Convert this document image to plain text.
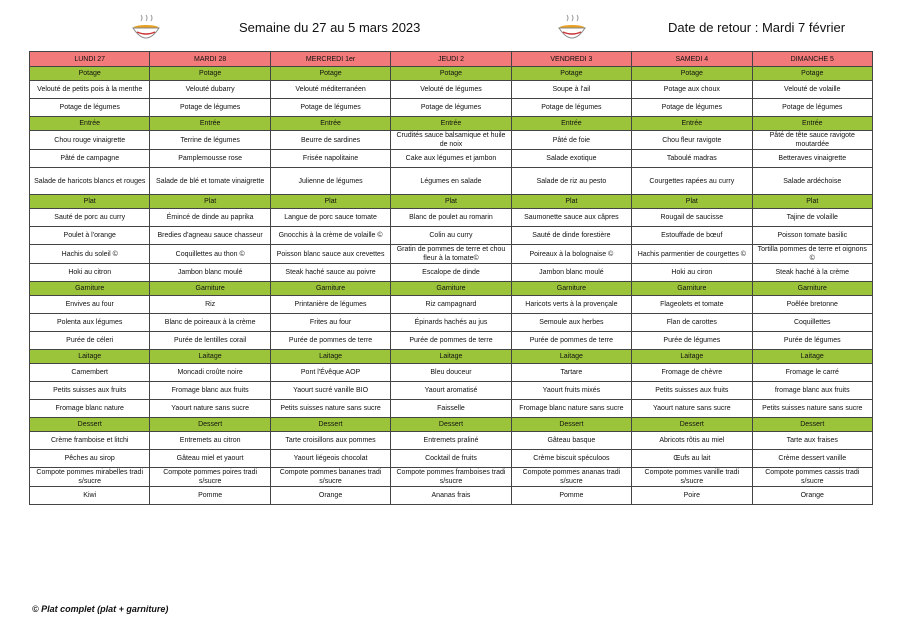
Semaine du 27 au 5 mars 2023	Date de retour : Mardi 7 février
LUNDI 27	MARDI 28	MERCREDI 1er	JEUDI 2	VENDREDI 3	SAMEDI 4	DIMANCHE 5
Potage	Potage	Potage	Potage	Potage	Potage	Potage
Velouté de petits pois à la menthe	Velouté dubarry	Velouté méditerranéen	Velouté de légumes	Soupe à l'ail	Potage aux choux	Velouté de volaille
Potage de légumes	Potage de légumes	Potage de légumes	Potage de légumes	Potage de légumes	Potage de légumes	Potage de légumes
Entrée	Entrée	Entrée	Entrée	Entrée	Entrée	Entrée
Chou rouge vinaigrette	Terrine de légumes	Beurre de sardines	Crudités sauce balsamique et huile de noix	Pâté de foie	Chou fleur ravigote	Pâté de tête sauce ravigote moutardée
Pâté de campagne	Pamplemousse rose	Frisée napolitaine	Cake aux légumes et jambon	Salade exotique	Taboulé madras	Betteraves vinaigrette
Salade de haricots blancs et rouges	Salade de blé et tomate vinaigrette	Julienne de légumes	Légumes en salade	Salade de riz au pesto	Courgettes rapées au curry	Salade ardéchoise
Plat	Plat	Plat	Plat	Plat	Plat	Plat
Sauté de porc au curry	Émincé de dinde au paprika	Langue de porc sauce tomate	Blanc de poulet au romarin	Saumonette sauce aux câpres	Rougail de saucisse	Tajine de volaille
Poulet à l'orange	Bredies d'agneau sauce chasseur	Gnocchis à la crème de volaille ©	Colin au curry	Sauté de dinde forestière	Estouffade de bœuf	Poisson tomate basilic
Hachis du soleil ©	Coquillettes au thon ©	Poisson blanc sauce aux crevettes	Gratin de pommes de terre et chou fleur à la tomate©	Poireaux à la bolognaise ©	Hachis parmentier de courgettes ©	Tortilla pommes de terre et oignons ©
Hoki au citron	Jambon blanc moulé	Steak haché sauce au poivre	Escalope de dinde	Jambon blanc moulé	Hoki au ciron	Steak haché à la crème
Garniture	Garniture	Garniture	Garniture	Garniture	Garniture	Garniture
Envives au four	Riz	Printanière de légumes	Riz campagnard	Haricots verts à la provençale	Flageolets et tomate	Poêlée bretonne
Polenta aux légumes	Blanc de poireaux à la crème	Frites au four	Épinards hachés au jus	Semoule aux herbes	Flan de carottes	Coquillettes
Purée de céleri	Purée de lentilles corail	Purée de pommes de terre	Purée de pommes de terre	Purée de pommes de terre	Purée de légumes	Purée de légumes
Laitage	Laitage	Laitage	Laitage	Laitage	Laitage	Laitage
Camembert	Moncadi croûte noire	Pont l'Évêque AOP	Bleu douceur	Tartare	Fromage de chèvre	Fromage le carré
Petits suisses aux fruits	Fromage blanc aux fruits	Yaourt sucré vanille BIO	Yaourt aromatisé	Yaourt fruits mixés	Petits suisses aux fruits	fromage blanc aux fruits
Fromage blanc nature	Yaourt nature sans sucre	Petits suisses nature sans sucre	Faisselle	Fromage blanc nature sans sucre	Yaourt nature sans sucre	Petits suisses nature sans sucre
Dessert	Dessert	Dessert	Dessert	Dessert	Dessert	Dessert
Crème framboise et litchi	Entremets au citron	Tarte croisillons aux pommes	Entremets praliné	Gâteau basque	Abricots rôtis au miel	Tarte aux fraises
Pêches au sirop	Gâteau miel et yaourt	Yaourt liégeois chocolat	Cocktail de fruits	Crème biscuit spéculoos	Œufs au lait	Crème dessert vanille
Compote pommes mirabelles tradi s/sucre	Compote pommes poires tradi s/sucre	Compote pommes bananes tradi s/sucre	Compote pommes framboises tradi s/sucre	Compote pommes ananas tradi s/sucre	Compote pommes vanille tradi s/sucre	Compote pommes cassis tradi s/sucre
Kiwi	Pomme	Orange	Ananas frais	Pomme	Poire	Orange
© Plat complet (plat + garniture)
